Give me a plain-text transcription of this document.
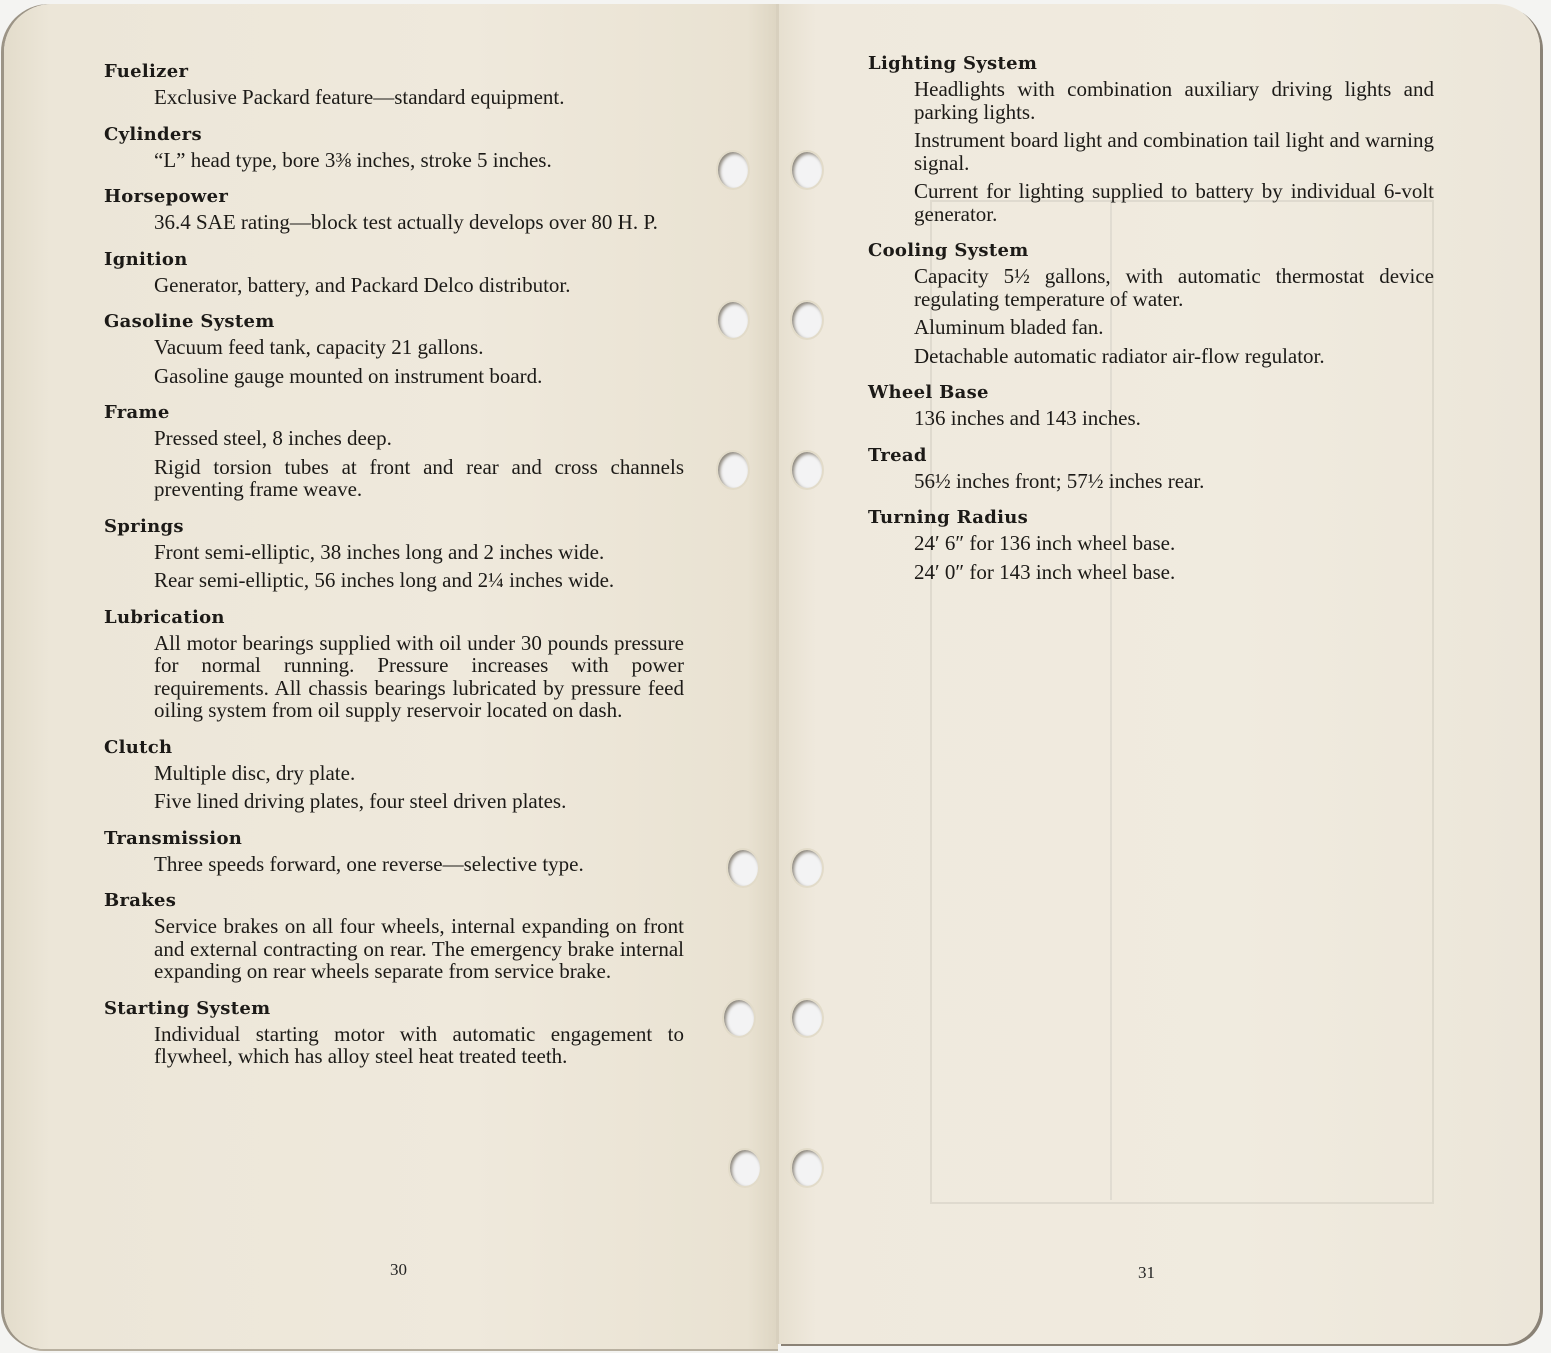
Fuelizer
Exclusive Packard feature—standard equipment.
Cylinders
“L” head type, bore 3⅜ inches, stroke 5 inches.
Horsepower
36.4 SAE rating—block test actually develops over 80 H. P.
Ignition
Generator, battery, and Packard Delco distributor.
Gasoline System
Vacuum feed tank, capacity 21 gallons.
Gasoline gauge mounted on instrument board.
Frame
Pressed steel, 8 inches deep.
Rigid torsion tubes at front and rear and cross channels preventing frame weave.
Springs
Front semi-elliptic, 38 inches long and 2 inches wide.
Rear semi-elliptic, 56 inches long and 2¼ inches wide.
Lubrication
All motor bearings supplied with oil under 30 pounds pressure for normal running. Pressure increases with power requirements. All chassis bearings lubricated by pressure feed oiling system from oil supply reservoir located on dash.
Clutch
Multiple disc, dry plate.
Five lined driving plates, four steel driven plates.
Transmission
Three speeds forward, one reverse—selective type.
Brakes
Service brakes on all four wheels, internal expanding on front and external contracting on rear. The emergency brake internal expanding on rear wheels separate from service brake.
Starting System
Individual starting motor with automatic engagement to flywheel, which has alloy steel heat treated teeth.
Lighting System
Headlights with combination auxiliary driving lights and parking lights.
Instrument board light and combination tail light and warning signal.
Current for lighting supplied to battery by individual 6-volt generator.
Cooling System
Capacity 5½ gallons, with automatic thermostat device regulating temperature of water.
Aluminum bladed fan.
Detachable automatic radiator air-flow regulator.
Wheel Base
136 inches and 143 inches.
Tread
56½ inches front; 57½ inches rear.
Turning Radius
24′ 6″ for 136 inch wheel base.
24′ 0″ for 143 inch wheel base.
30	31
